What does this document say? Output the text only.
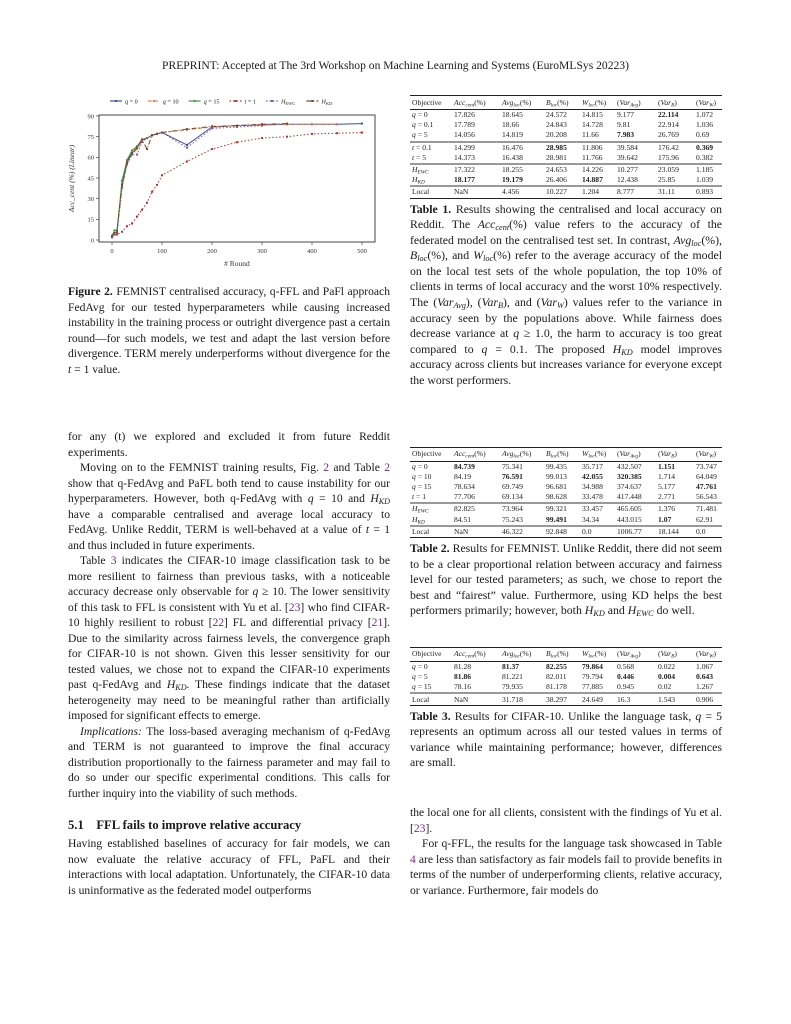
PREPRINT: Accepted at The 3rd Workshop on Machine Learning and Systems (EuroMLSys 20223)
0	100	200	300	400	500
0
15
30
45
60
75
90
# Round
Acc_cent (%) (Linear)
q = 0	q = 10	q = 15	t = 1	$H_{EWC}$	$H_{KD}$
Figure 2. FEMNIST centralised accuracy, q-FFL and PaFl approach FedAvg for our tested hyperparameters while causing increased instability in the training process or outright divergence past a certain round—for such models, we test and adapt the last version before divergence. TERM merely underperforms without divergence for the t = 1 value.

for any (t) we explored and excluded it from future Reddit experiments.

Moving on to the FEMNIST training results, Fig. 2 and Table 2 show that q-FedAvg and PaFL both tend to cause instability for our hyperparameters. However, both q-FedAvg with q = 10 and $H_{KD}$ have a comparable centralised and average local accuracy to FedAvg. Unlike Reddit, TERM is well-behaved at a value of t = 1 and thus included in future experiments.

Table 3 indicates the CIFAR-10 image classification task to be more resilient to fairness than previous tasks, with a noticeable accuracy decrease only observable for q ≥ 10. The lower sensitivity of this task to FFL is consistent with Yu et al. [23] who find CIFAR-10 highly resilient to robust [22] FL and differential privacy [21]. Due to the similarity across fairness levels, the convergence graph for CIFAR-10 is not shown. Given this lesser sensitivity for our tested values, we chose not to expand the CIFAR-10 experiments past q-FedAvg and $H_{KD}$. These findings indicate that the dataset heterogeneity may need to be meaningful rather than artificially imposed for significant effects to emerge.

Implications: The loss-based averaging mechanism of q-FedAvg and TERM is not guaranteed to improve the final accuracy distribution proportionally to the fairness parameter and may fail to do so under our specific experimental conditions. This calls for further inquiry into the viability of such methods.

5.1 FFL fails to improve relative accuracy

Having established baselines of accuracy for fair models, we can now evaluate the relative accuracy of FFL, PaFL and their interactions with local adaptation. Unfortunately, the CIFAR-10 data is uninformative as the federated model outperforms

Objective	Acc$_{cent}$(%)	Avg$_{loc}$(%)	$B_{loc}(\%)$	$W_{loc}(\%)$	(Var$_{Avg}$)	(Var$_B$)	(Var$_W$)
q = 0	17.826	18.645	24.572	14.815	9.177	22.114	1.072
q = 0.1	17.789	18.66	24.843	14.728	9.81	22.914	1.036
q = 5	14.056	14.819	20.208	11.66	7.983	26.769	0.69
t = 0.1	14.299	16.476	28.985	11.806	39.584	176.42	0.369
t = 5	14.373	16.438	28.981	11.766	39.642	175.96	0.382
$H_{EWC}$	17.322	18.255	24.653	14.226	10.277	23.059	1.185
$H_{KD}$	18.177	19.179	26.406	14.887	12.438	25.85	1.039
Local	NaN	4.456	10.227	1.204	8.777	31.11	0.893
Table 1. Results showing the centralised and local accuracy on Reddit. The Acc$_{cent}$(%) value refers to the accuracy of the federated model on the centralised test set. In contrast, Avg$_{loc}$(%), $B_{loc}(\%)$, and $W_{loc}(\%)$ refer to the average accuracy of the model on the local test sets of the whole population, the top 10% of clients in terms of local accuracy and the worst 10% respectively. The (Var$_{Avg}$), (Var$_B$), and (Var$_W$) values refer to the variance in accuracy seen by the populations above. While fairness does decrease variance at q ≥ 1.0, the harm to accuracy is too great compared to q = 0.1. The proposed $H_{KD}$ model improves accuracy across clients but increases variance for everyone except the worst performers.
Objective	Acc$_{cent}$(%)	Avg$_{loc}$(%)	$B_{loc}(\%)$	$W_{loc}(\%)$	(Var$_{Avg}$)	(Var$_B$)	(Var$_W$)
q = 0	84.739	75.341	99.435	35.717	432.507	1.151	73.747
q = 10	84.19	76.591	99.013	42.055	320.385	1.714	64.049
q = 15	78.634	69.749	96.681	34.988	374.637	5.177	47.761
t = 1	77.706	69.134	98.628	33.478	417.448	2.771	56.543
$H_{EWC}$	82.825	73.964	99.321	33.457	465.605	1.376	71.481
$H_{KD}$	84.51	75.243	99.491	34.34	443.015	1.07	62.91
Local	NaN	46.322	92.848	0.0	1006.77	18.144	0.0
Table 2. Results for FEMNIST. Unlike Reddit, there did not seem to be a clear proportional relation between accuracy and fairness level for our tested parameters; as such, we chose to report the best and “fairest” value. Furthermore, using KD helps the best performers primarily; however, both $H_{KD}$ and $H_{EWC}$ do well.
Objective	Acc$_{cent}$(%)	Avg$_{loc}$(%)	$B_{loc}(\%)$	$W_{loc}(\%)$	(Var$_{Avg}$)	(Var$_B$)	(Var$_W$)
q = 0	81.28	81.37	82.255	79.864	0.568	0.022	1.067
q = 5	81.86	81.221	82.011	79.794	0.446	0.004	0.643
q = 15	78.16	79.935	81.178	77.885	0.945	0.02	1.267
Local	NaN	31.718	38.297	24.649	16.3	1.543	0.906
Table 3. Results for CIFAR-10. Unlike the language task, q = 5 represents an optimum across all our tested values in terms of variance while maintaining performance; however, differences are small.

the local one for all clients, consistent with the findings of Yu et al. [23].

For q-FFL, the results for the language task showcased in Table 4 are less than satisfactory as fair models fail to provide benefits in terms of the number of underperforming clients, relative accuracy, or variance. Furthermore, fair models do
